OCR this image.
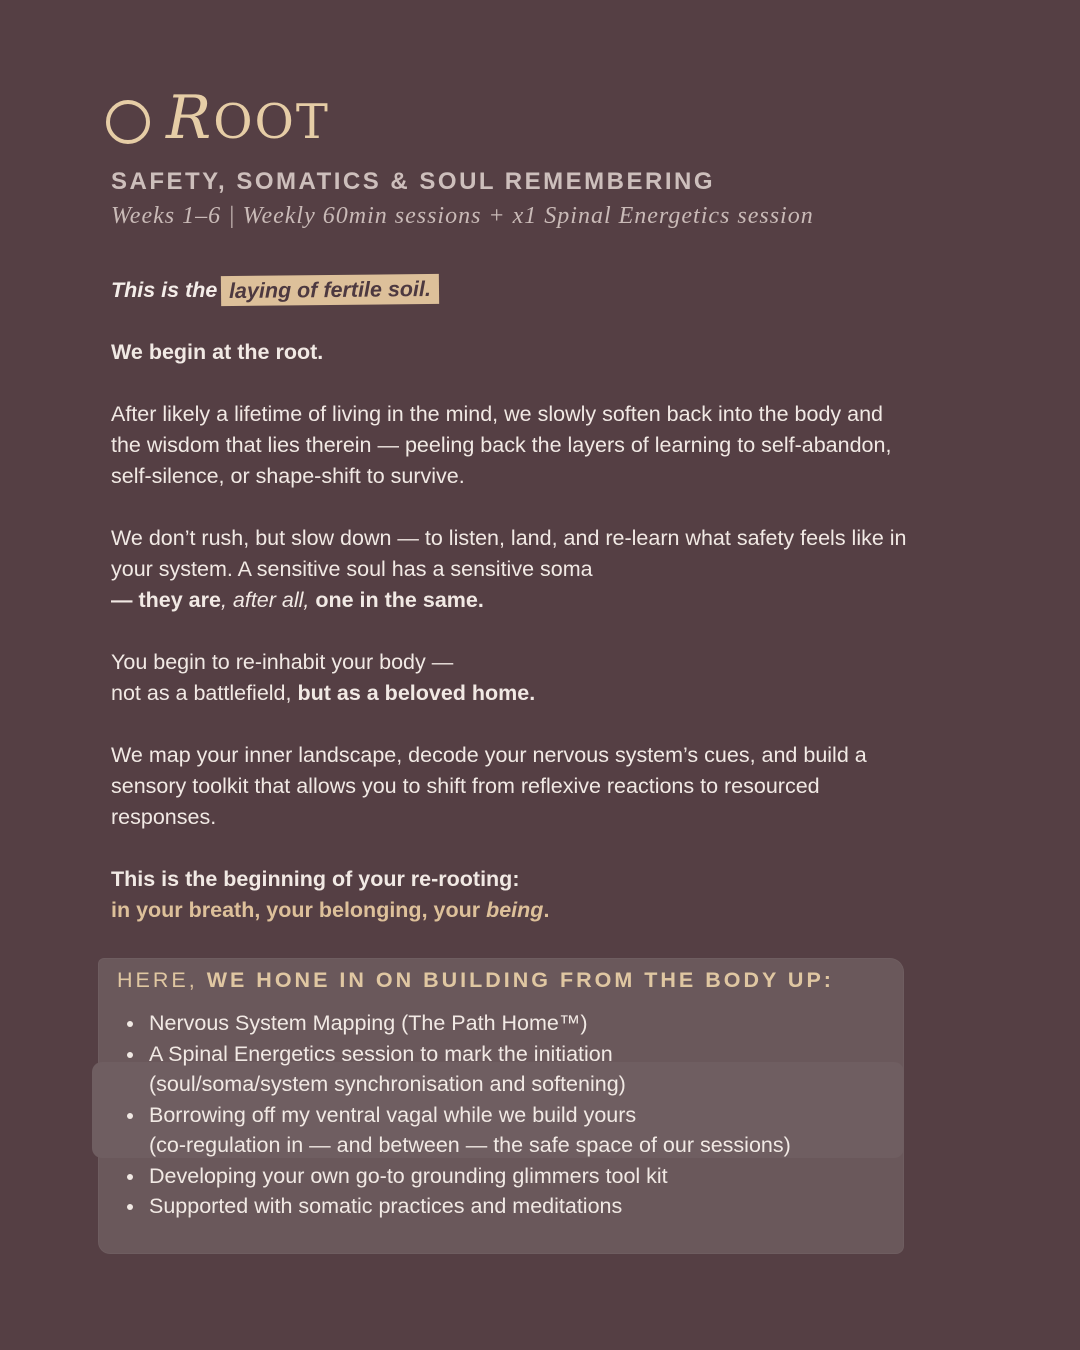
ROOT
SAFETY, SOMATICS & SOUL REMEMBERING
Weeks 1–6 | Weekly 60min sessions + x1 Spinal Energetics session

This is the laying of fertile soil.

We begin at the root.

After likely a lifetime of living in the mind, we slowly soften back into the body and the wisdom that lies therein — peeling back the layers of learning to self-abandon, self-silence, or shape-shift to survive.

We don’t rush, but slow down — to listen, land, and re-learn what safety feels like in your system. A sensitive soul has a sensitive soma
— they are, after all, one in the same.

You begin to re-inhabit your body —
not as a battlefield, but as a beloved home.

We map your inner landscape, decode your nervous system’s cues, and build a sensory toolkit that allows you to shift from reflexive reactions to resourced responses.

This is the beginning of your re-rooting:
in your breath, your belonging, your being.

HERE, WE HONE IN ON BUILDING FROM THE BODY UP:
Nervous System Mapping (The Path Home™)
A Spinal Energetics session to mark the initiation
(soul/soma/system synchronisation and softening)
Borrowing off my ventral vagal while we build yours
(co-regulation in — and between — the safe space of our sessions)
Developing your own go-to grounding glimmers tool kit
Supported with somatic practices and meditations
